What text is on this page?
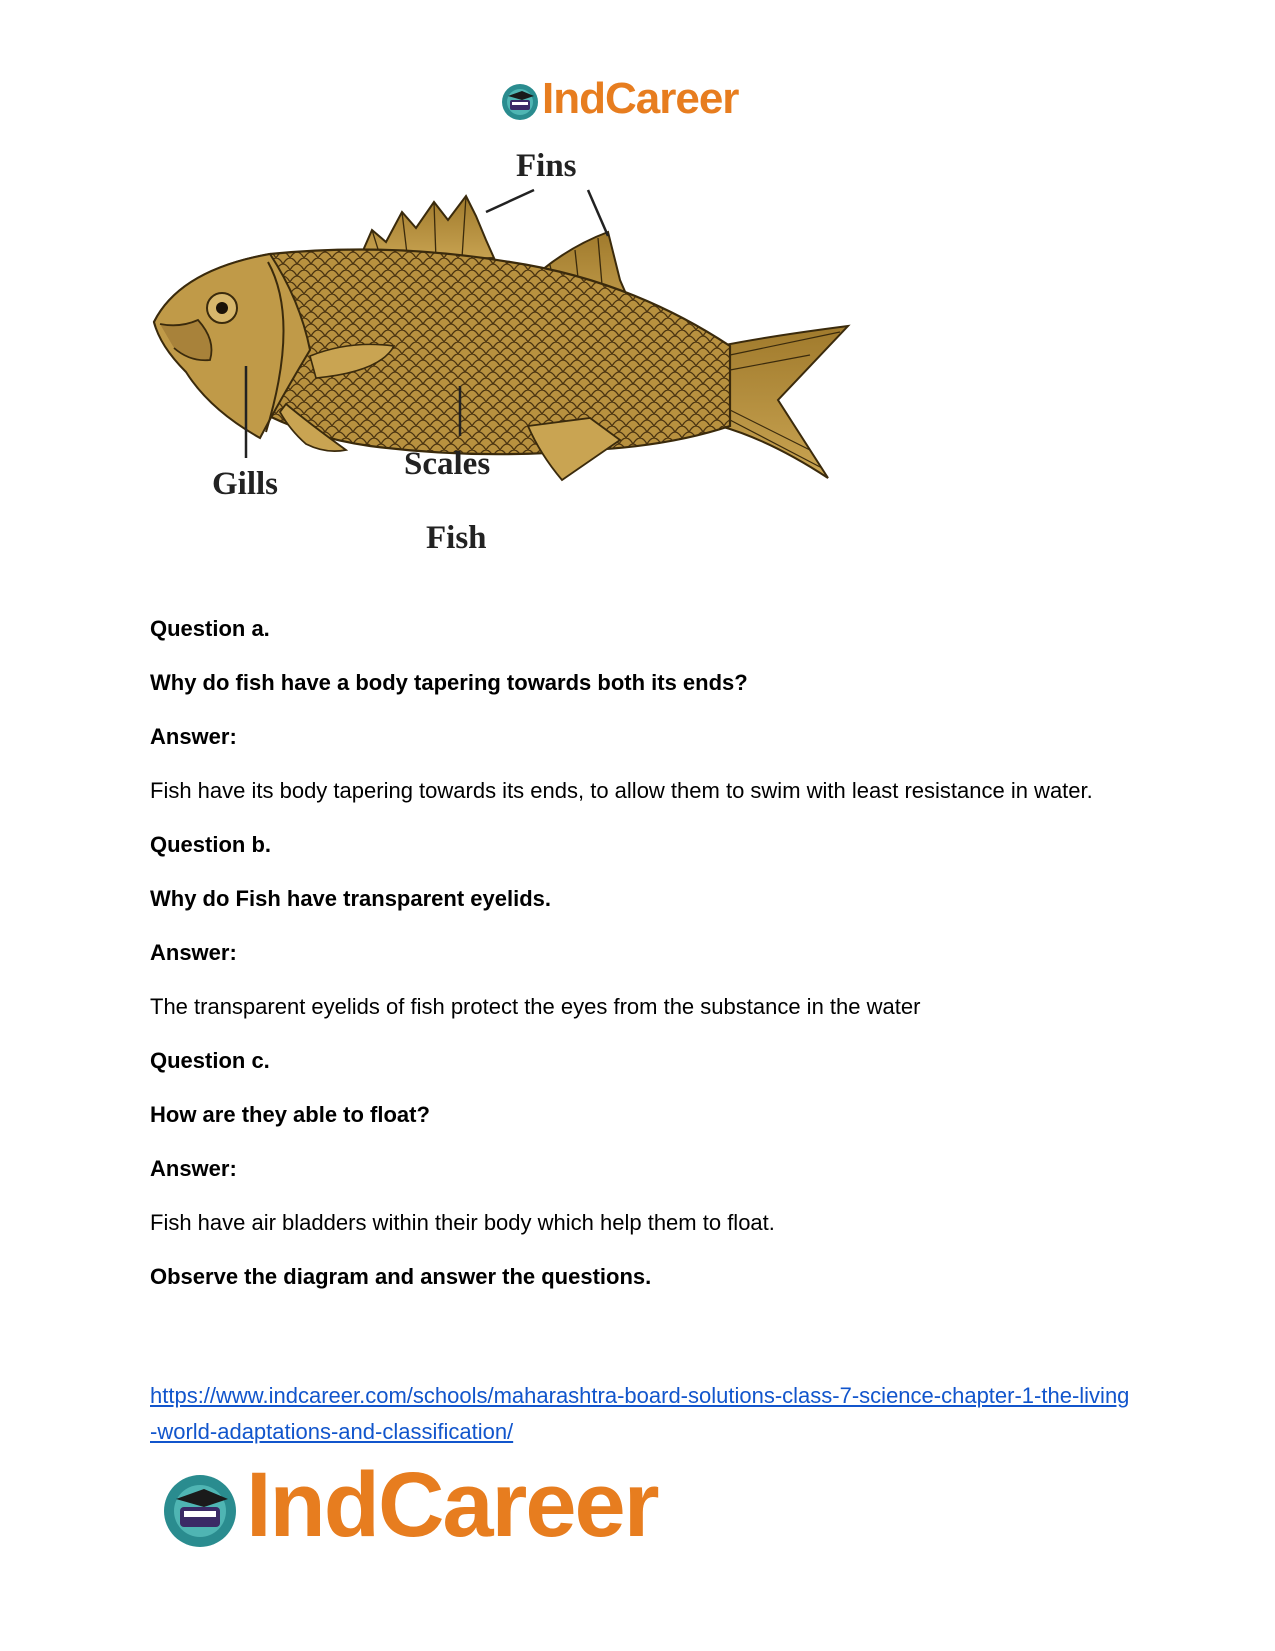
IndCareer
Fins
Gills
Scales
Fish

Question a.

Why do fish have a body tapering towards both its ends?

Answer:

Fish have its body tapering towards its ends, to allow them to swim with least resistance in water.

Question b.

Why do Fish have transparent eyelids.

Answer:

The transparent eyelids of fish protect the eyes from the substance in the water

Question c.

How are they able to float?

Answer:

Fish have air bladders within their body which help them to float.

Observe the diagram and answer the questions.

https://www.indcareer.com/schools/maharashtra-board-solutions-class-7-science-chapter-1-the-living-world-adaptations-and-classification/
IndCareer
